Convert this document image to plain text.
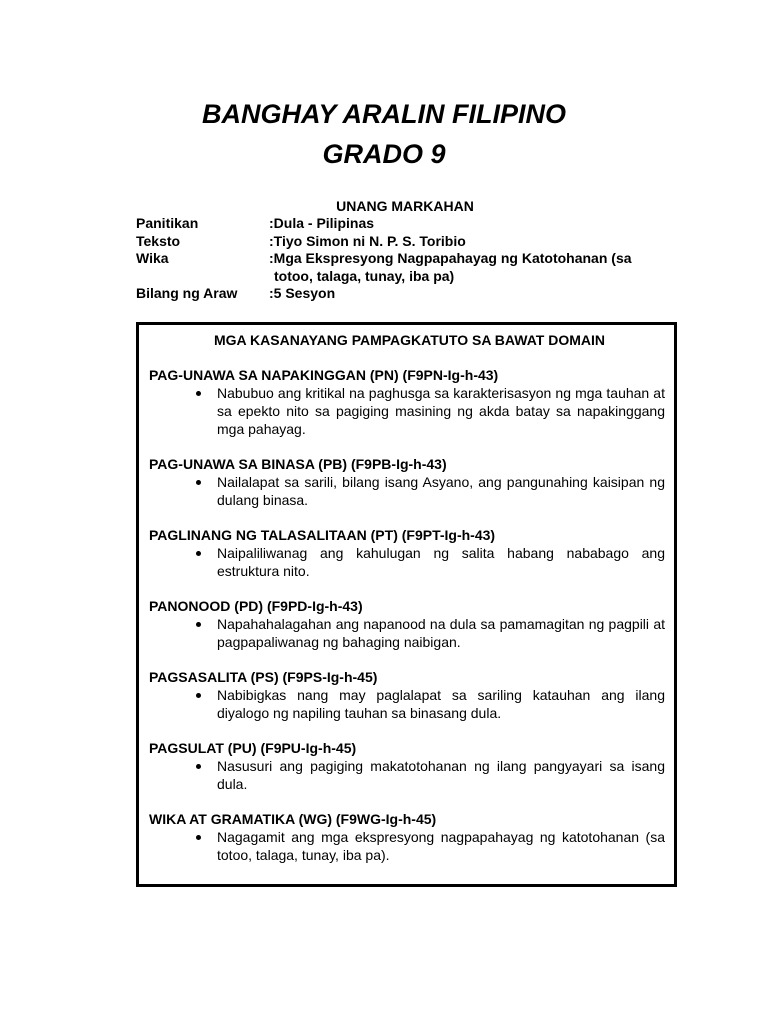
BANGHAY ARALIN FILIPINO
GRADO 9
UNANG MARKAHAN
Panitikan	:Dula - Pilipinas
Teksto	:Tiyo Simon ni N. P. S. Toribio
Wika	:Mga Ekspresyong Nagpapahayag ng Katotohanan (sa
totoo, talaga, tunay, iba pa)
Bilang ng Araw	:5 Sesyon
MGA KASANAYANG PAMPAGKATUTO SA BAWAT DOMAIN
PAG-UNAWA SA NAPAKINGGAN (PN) (F9PN-Ig-h-43)
Nabubuo ang kritikal na paghusga sa karakterisasyon ng mga tauhan at sa epekto nito sa pagiging masining ng akda batay sa napakinggang mga pahayag.
PAG-UNAWA SA BINASA (PB) (F9PB-Ig-h-43)
Nailalapat sa sarili, bilang isang Asyano, ang pangunahing kaisipan ng dulang binasa.
PAGLINANG NG TALASALITAAN (PT) (F9PT-Ig-h-43)
Naipaliliwanag ang kahulugan ng salita habang nababago ang estruktura nito.
PANONOOD (PD) (F9PD-Ig-h-43)
Napahahalagahan ang napanood na dula sa pamamagitan ng pagpili at pagpapaliwanag ng bahaging naibigan.
PAGSASALITA (PS) (F9PS-Ig-h-45)
Nabibigkas nang may paglalapat sa sariling katauhan ang ilang diyalogo ng napiling tauhan sa binasang dula.
PAGSULAT (PU) (F9PU-Ig-h-45)
Nasusuri ang pagiging makatotohanan ng ilang pangyayari sa isang dula.
WIKA AT GRAMATIKA (WG) (F9WG-Ig-h-45)
Nagagamit ang mga ekspresyong nagpapahayag ng katotohanan (sa totoo, talaga, tunay, iba pa).
